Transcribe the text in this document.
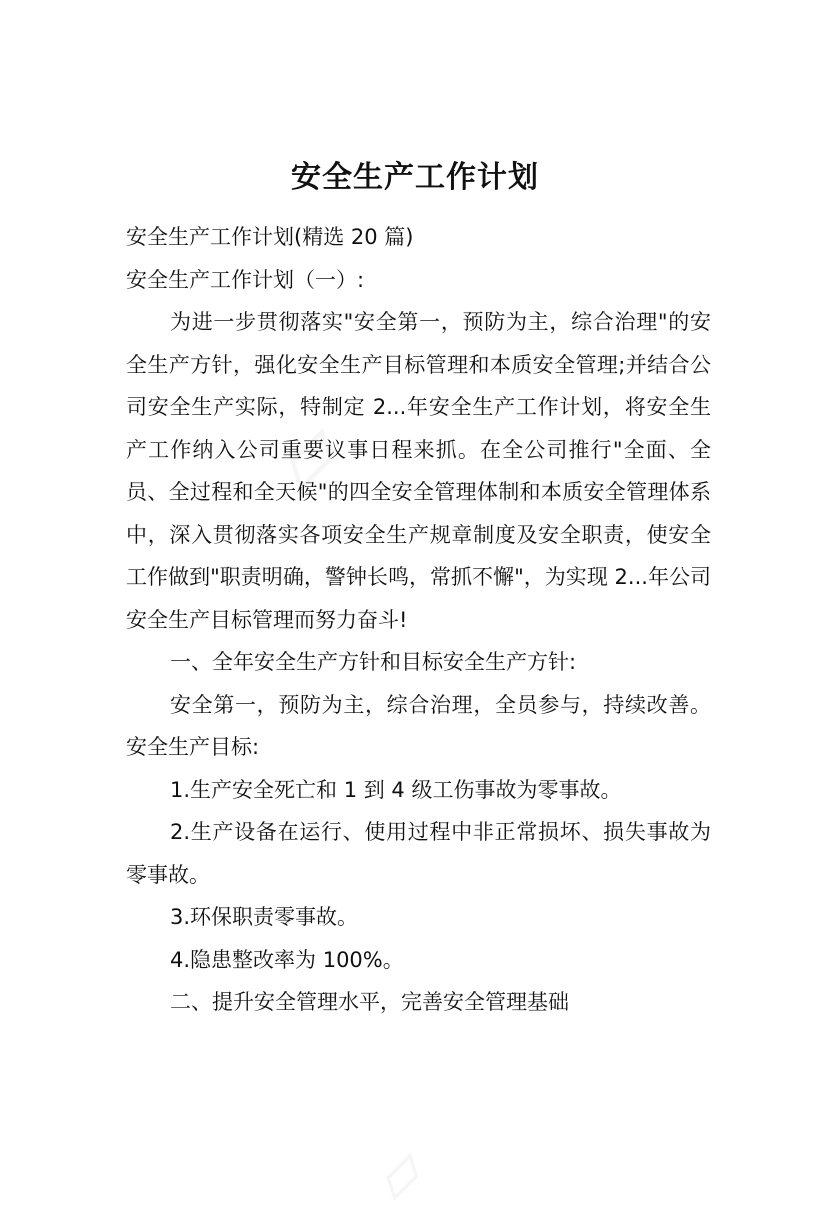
安全生产工作计划

安全生产工作计划(精选 20 篇)

安全生产工作计划（一）:

为进一步贯彻落实"安全第一，预防为主，综合治理"的安全生产方针，强化安全生产目标管理和本质安全管理;并结合公司安全生产实际，特制定 2...年安全生产工作计划，将安全生产工作纳入公司重要议事日程来抓。在全公司推行"全面、全员、全过程和全天候"的四全安全管理体制和本质安全管理体系中，深入贯彻落实各项安全生产规章制度及安全职责，使安全工作做到"职责明确，警钟长鸣，常抓不懈"，为实现 2...年公司安全生产目标管理而努力奋斗!

一、全年安全生产方针和目标安全生产方针:

安全第一，预防为主，综合治理，全员参与，持续改善。安全生产目标:

1.生产安全死亡和 1 到 4 级工伤事故为零事故。

2.生产设备在运行、使用过程中非正常损坏、损失事故为零事故。

3.环保职责零事故。

4.隐患整改率为 100%。

二、提升安全管理水平，完善安全管理基础
